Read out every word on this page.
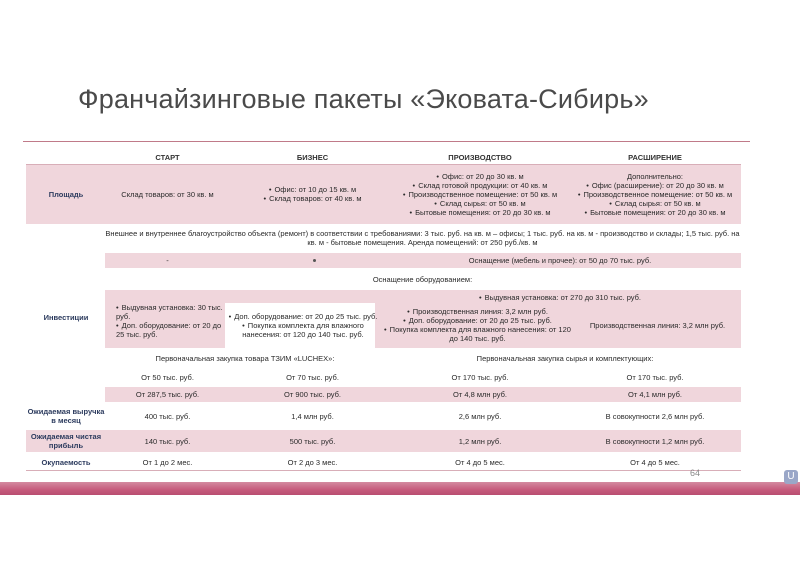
Франчайзинговые пакеты «Эковата-Сибирь»
СТАРТ	БИЗНЕС	ПРОИЗВОДСТВО	РАСШИРЕНИЕ
Площадь	Склад товаров: от 30 кв. м
•	Офис: от 10 до 15 кв. м
• Склад товаров: от 40 кв. м
• Офис: от 20 до 30 кв. м
• Склад готовой продукции: от 40 кв. м
• Производственное помещение: от 50 кв. м
• Склад сырья: от 50 кв. м
• Бытовые помещения: от 20 до 30 кв. м
Дополнительно:
• Офис (расширение): от 20 до 30 кв. м
• Производственное помещение: от 50 кв. м
• Склад сырья: от 50 кв. м
• Бытовые помещения: от 20 до 30 кв. м
Внешнее и внутреннее благоустройство объекта (ремонт) в соответствии с требованиями: 3 тыс. руб. на кв. м – офисы; 1 тыс. руб. на кв. м - производство и склады; 1,5 тыс. руб. на кв. м - бытовые помещения. Аренда помещений: от 250 руб./кв. м
-	Оснащение (мебель и прочее): от 50 до 70 тыс. руб.
Оснащение оборудованием:
Инвестиции
• Выдувная установка: от 270 до 310 тыс. руб.
• Выдувная установка: 30 тыс. руб.
• Доп. оборудование: от 20 до 25 тыс. руб.
• Доп. оборудование: от 20 до 25 тыс. руб.
• Покупка комплекта для влажного нанесения: от 120 до 140 тыс. руб.
• Производственная линия: 3,2 млн руб.
• Доп. оборудование: от 20 до 25 тыс. руб.
• Покупка комплекта для влажного нанесения: от 120 до 140 тыс. руб.
Производственная линия: 3,2 млн руб.
Первоначальная закупка товара ТЗИМ «LUCHEX»:	Первоначальная закупка сырья и комплектующих:
От 50 тыс. руб.	От 70 тыс. руб.	От 170 тыс. руб.	От 170 тыс. руб.
От 287,5 тыс. руб.	От 900 тыс. руб.	От 4,8 млн руб.	От 4,1 млн руб.
Ожидаемая выручка в месяц	400 тыс. руб.	1,4 млн руб.	2,6 млн руб.	В совокупности 2,6 млн руб.
Ожидаемая чистая прибыль	140 тыс. руб.	500 тыс. руб.	1,2 млн руб.	В совокупности 1,2 млн руб.
Окупаемость	От 1 до 2 мес.	От 2 до 3 мес.	От 4 до 5 мес.	От 4 до 5 мес.
64	U
